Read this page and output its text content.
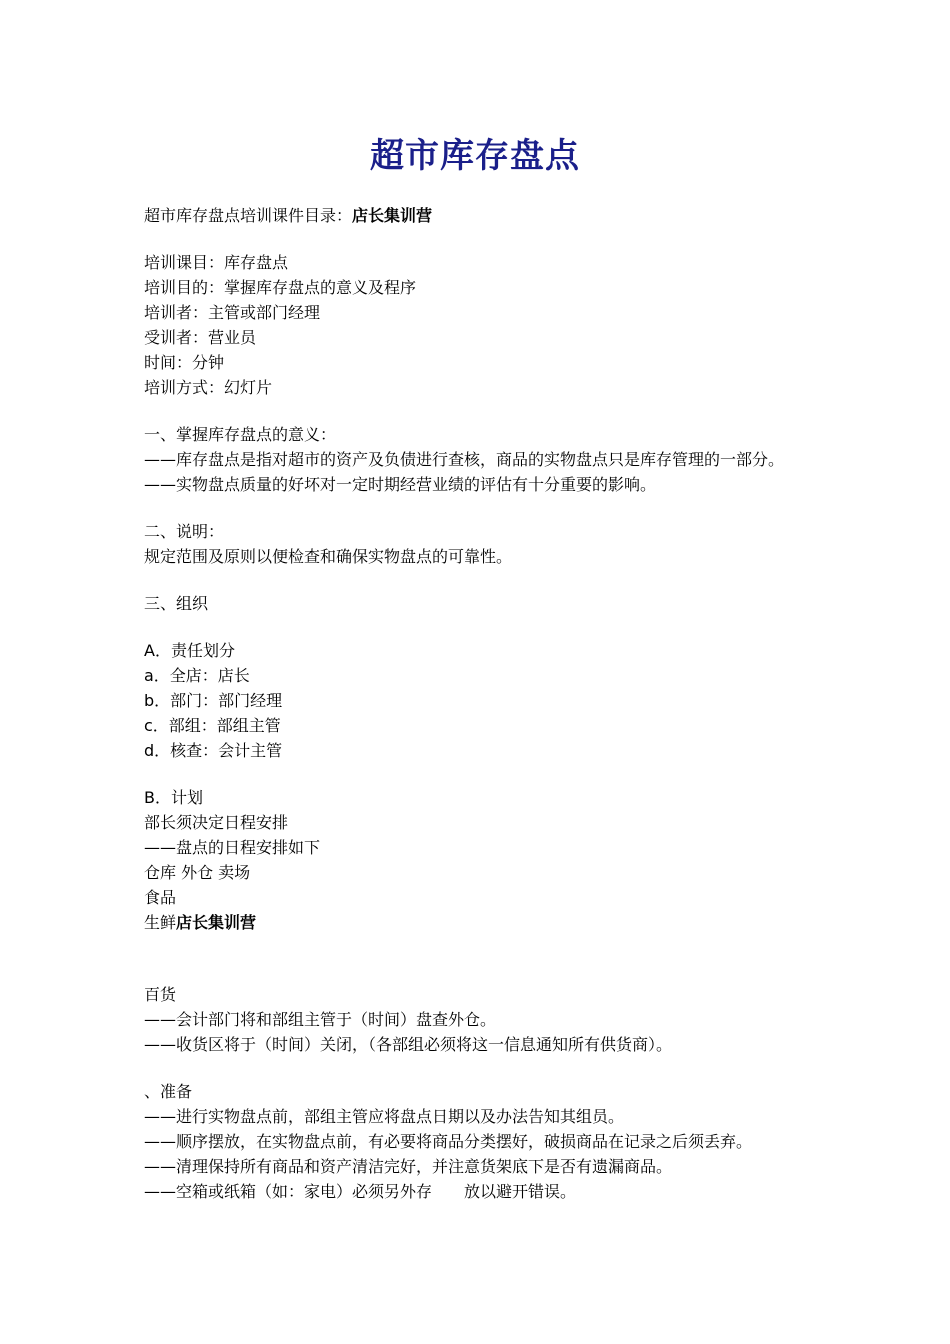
超市库存盘点
超市库存盘点培训课件目录：店长集训营
培训课目：库存盘点
培训目的：掌握库存盘点的意义及程序
培训者：主管或部门经理
受训者：营业员
时间：分钟
培训方式：幻灯片
一、掌握库存盘点的意义：
——库存盘点是指对超市的资产及负债进行查核，商品的实物盘点只是库存管理的一部分。
——实物盘点质量的好坏对一定时期经营业绩的评估有十分重要的影响。
二、说明：
规定范围及原则以便检查和确保实物盘点的可靠性。
三、组织
A．责任划分
a．全店：店长
b．部门：部门经理
c．部组：部组主管
d．核查：会计主管
B．计划
部长须决定日程安排
——盘点的日程安排如下
仓库 外仓 卖场
食品
生鲜店长集训营
百货
——会计部门将和部组主管于（时间）盘查外仓。
——收货区将于（时间）关闭，（各部组必须将这一信息通知所有供货商）。
、准备
——进行实物盘点前，部组主管应将盘点日期以及办法告知其组员。
——顺序摆放，在实物盘点前，有必要将商品分类摆好，破损商品在记录之后须丢弃。
——清理保持所有商品和资产清洁完好，并注意货架底下是否有遗漏商品。
——空箱或纸箱（如：家电）必须另外存　　放以避开错误。
